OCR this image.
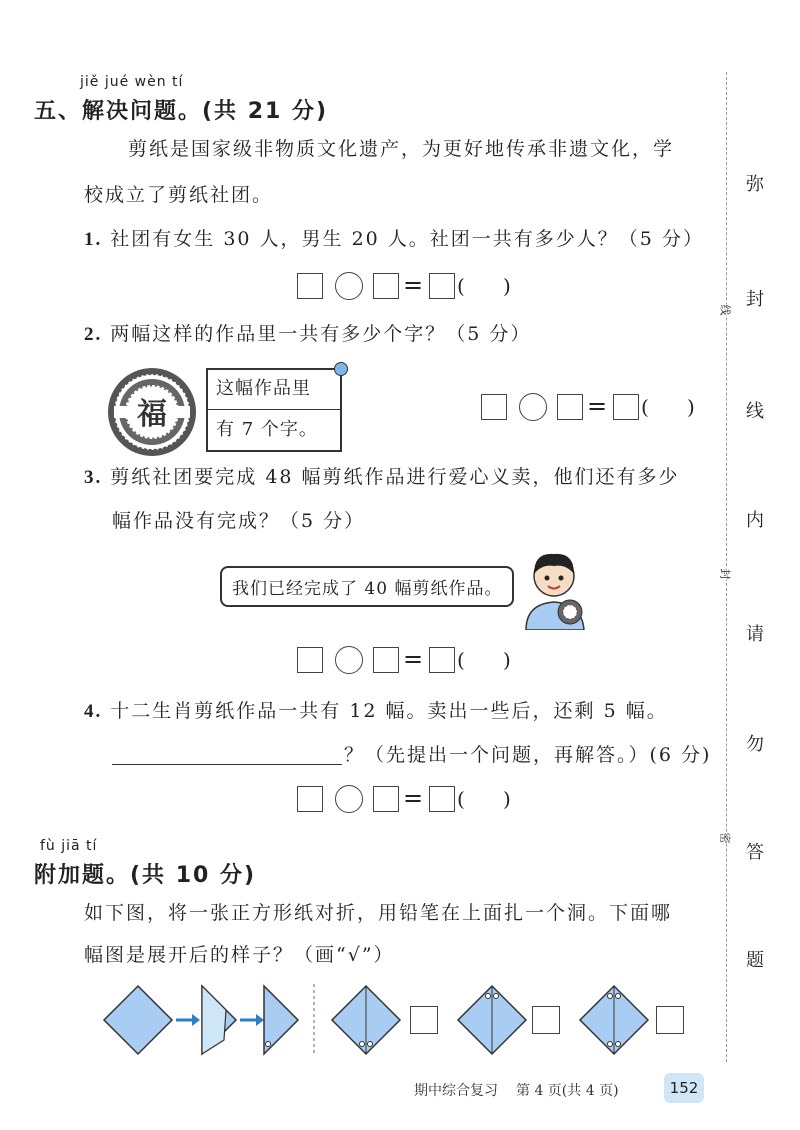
jiě jué wèn tí
五、解决问题。(共 21 分)
剪纸是国家级非物质文化遗产，为更好地传承非遗文化，学
校成立了剪纸社团。
1. 社团有女生 30 人，男生 20 人。社团一共有多少人？（5 分）
= (      )
2. 两幅这样的作品里一共有多少个字？（5 分）
福
这幅作品里
有 7 个字。
= (      )
3. 剪纸社团要完成 48 幅剪纸作品进行爱心义卖，他们还有多少
幅作品没有完成？（5 分）
我们已经完成了 40 幅剪纸作品。
= (      )
4. 十二生肖剪纸作品一共有 12 幅。卖出一些后，还剩 5 幅。
？（先提出一个问题，再解答。）(6 分)
= (      )
fù jiā tí
附加题。(共 10 分)
如下图，将一张正方形纸对折，用铅笔在上面扎一个洞。下面哪
幅图是展开后的样子？（画“√”）
弥
封
线
内
请
勿
答
题
线
封
密
期中综合复习 第 4 页(共 4 页)	152
